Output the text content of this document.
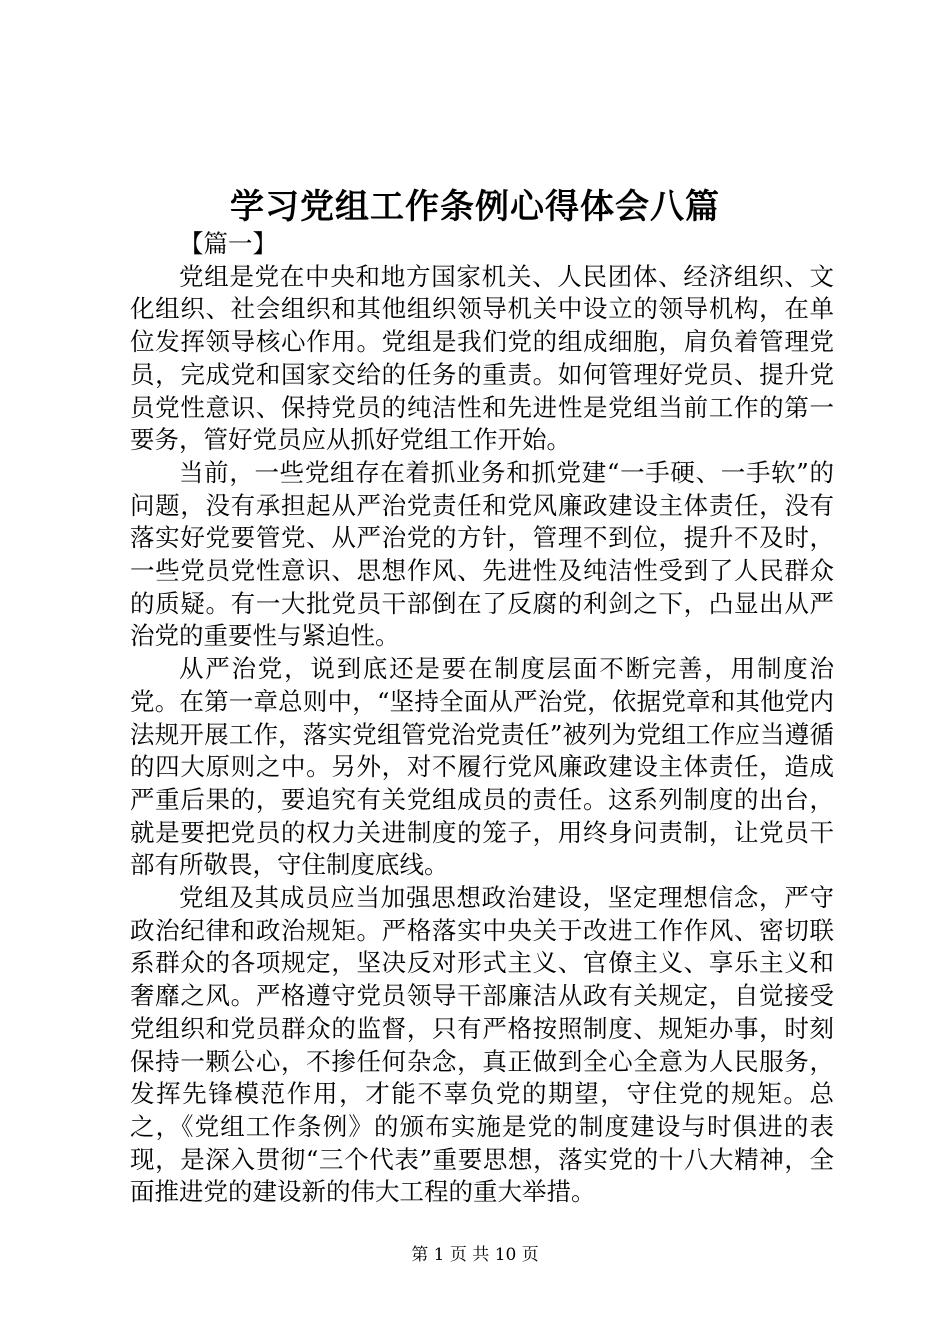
学习党组工作条例心得体会八篇

【篇一】

党组是党在中央和地方国家机关、人民团体、经济组织、文化组织、社会组织和其他组织领导机关中设立的领导机构，在单位发挥领导核心作用。党组是我们党的组成细胞，肩负着管理党员，完成党和国家交给的任务的重责。如何管理好党员、提升党员党性意识、保持党员的纯洁性和先进性是党组当前工作的第一要务，管好党员应从抓好党组工作开始。

当前，一些党组存在着抓业务和抓党建“一手硬、一手软”的问题，没有承担起从严治党责任和党风廉政建设主体责任，没有落实好党要管党、从严治党的方针，管理不到位，提升不及时，一些党员党性意识、思想作风、先进性及纯洁性受到了人民群众的质疑。有一大批党员干部倒在了反腐的利剑之下，凸显出从严治党的重要性与紧迫性。

从严治党，说到底还是要在制度层面不断完善，用制度治党。在第一章总则中，“坚持全面从严治党，依据党章和其他党内法规开展工作，落实党组管党治党责任”被列为党组工作应当遵循的四大原则之中。另外，对不履行党风廉政建设主体责任，造成严重后果的，要追究有关党组成员的责任。这系列制度的出台，就是要把党员的权力关进制度的笼子，用终身问责制，让党员干部有所敬畏，守住制度底线。

党组及其成员应当加强思想政治建设，坚定理想信念，严守政治纪律和政治规矩。严格落实中央关于改进工作作风、密切联系群众的各项规定，坚决反对形式主义、官僚主义、享乐主义和奢靡之风。严格遵守党员领导干部廉洁从政有关规定，自觉接受党组织和党员群众的监督，只有严格按照制度、规矩办事，时刻保持一颗公心，不掺任何杂念，真正做到全心全意为人民服务，发挥先锋模范作用，才能不辜负党的期望，守住党的规矩。总之，《党组工作条例》的颁布实施是党的制度建设与时俱进的表现，是深入贯彻“三个代表”重要思想，落实党的十八大精神，全面推进党的建设新的伟大工程的重大举措。

第 1 页 共 10 页
